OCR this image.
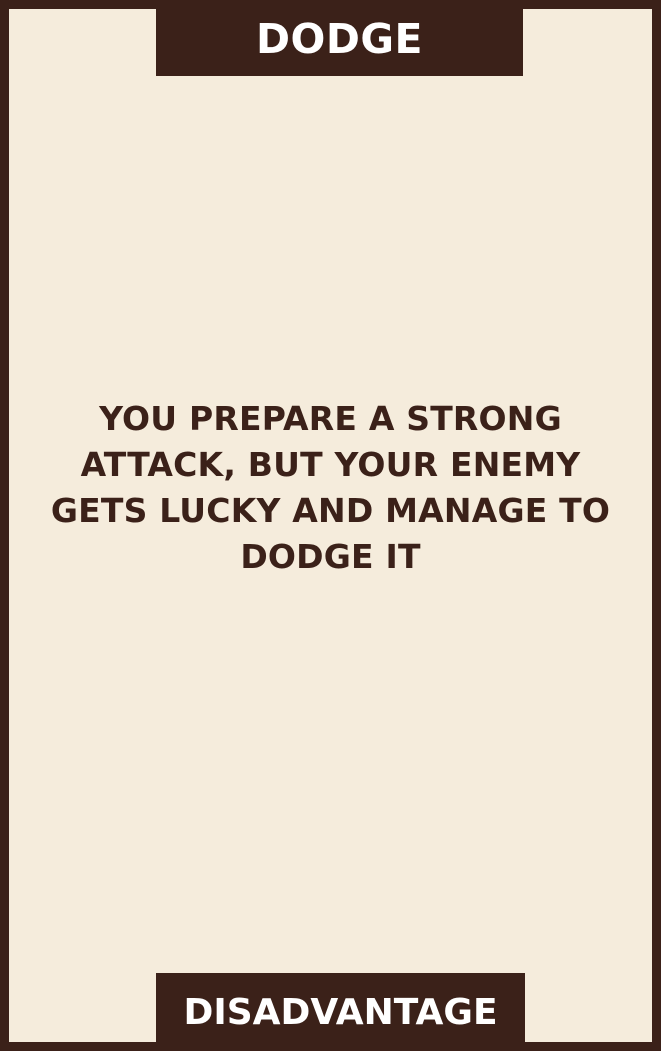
DODGE
YOU PREPARE A STRONG ATTACK, BUT YOUR ENEMY GETS LUCKY AND MANAGE TO DODGE IT
DISADVANTAGE
